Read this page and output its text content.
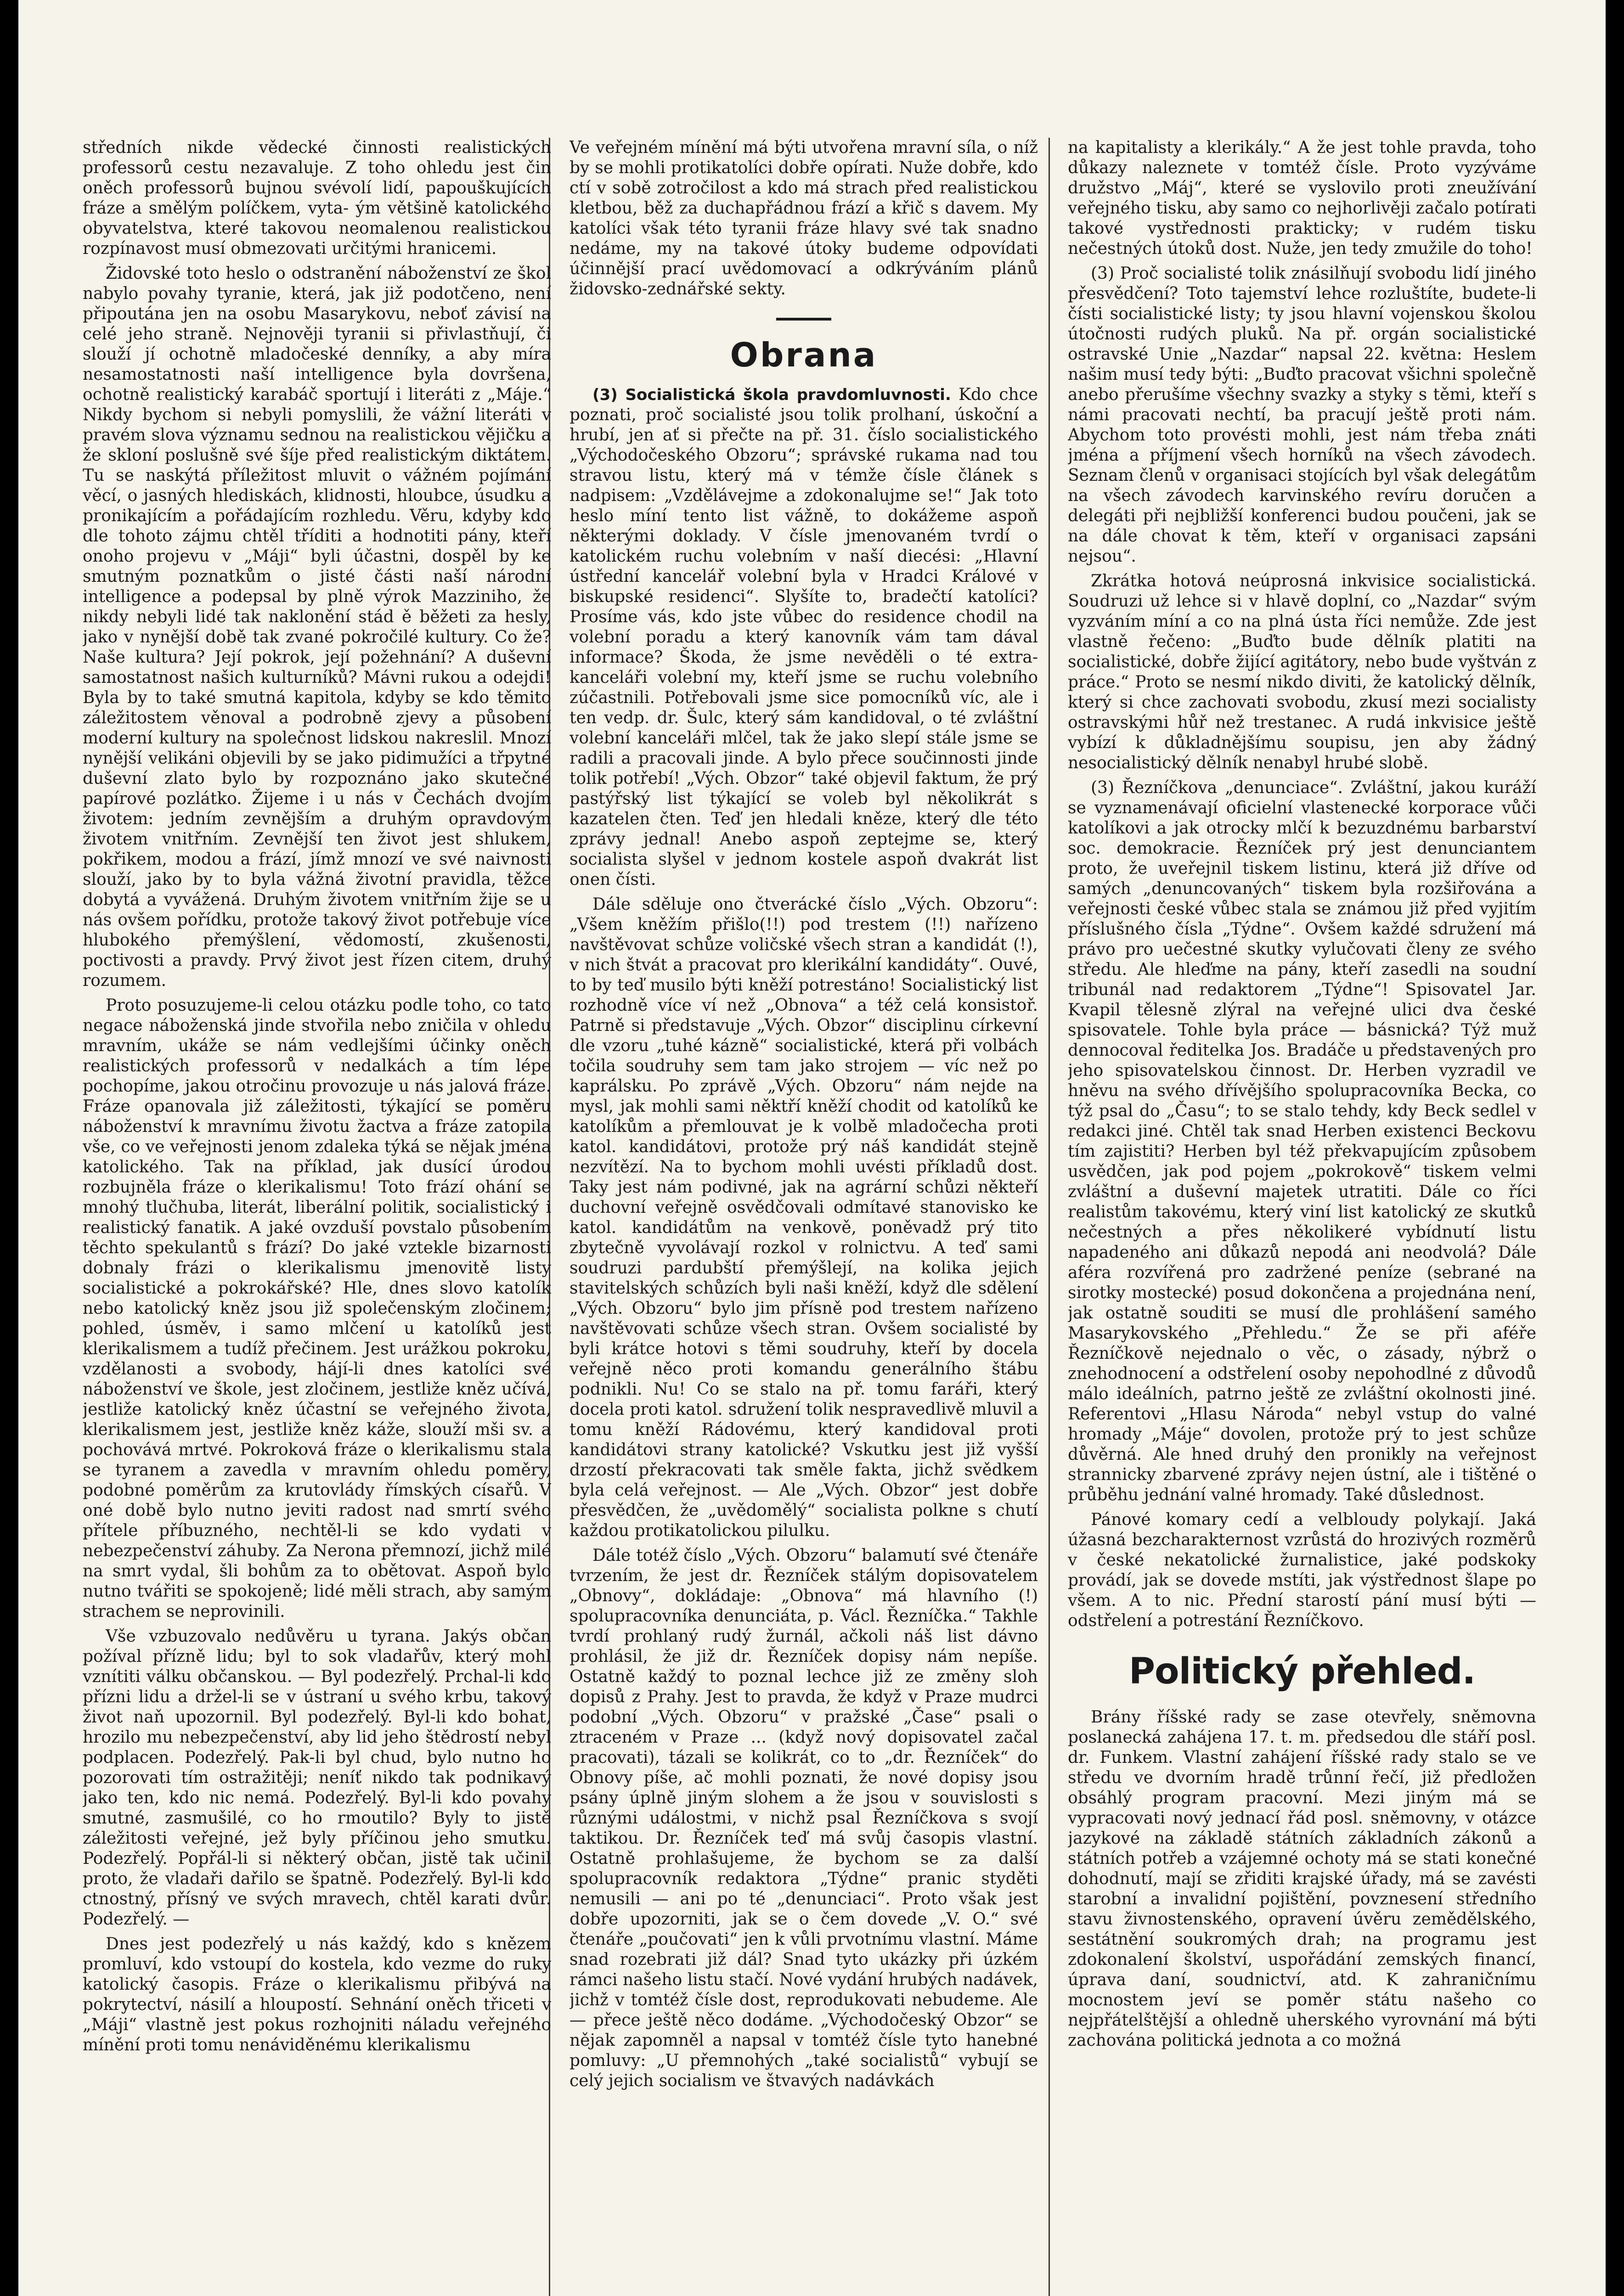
středních nikde vědecké činnosti realistických professorů cestu nezavaluje. Z toho ohledu jest čin oněch professorů bujnou svévolí lidí, papouškujících fráze a smělým políčkem, vyta- ým většině katolického obyvatelstva, které takovou neomalenou realistickou rozpínavost musí obmezovati určitými hranicemi.

Židovské toto heslo o odstranění náboženství ze škol nabylo povahy tyranie, která, jak již podotčeno, není připoutána jen na osobu Masarykovu, neboť závisí na celé jeho straně. Nejnověji tyranii si přivlastňují, či slouží jí ochotně mladočeské denníky, a aby míra nesamostatnosti naší intelligence byla dovršena, ochotně realistický karabáč sportují i literáti z „Máje.“ Nikdy bychom si nebyli pomyslili, že vážní literáti v pravém slova významu sednou na realistickou vějičku a že skloní poslušně své šíje před realistickým diktátem. Tu se naskýtá příležitost mluvit o vážném pojímání věcí, o jasných hlediskách, klidnosti, hloubce, úsudku a pronikajícím a pořádajícím rozhledu. Věru, kdyby kdo dle tohoto zájmu chtěl tříditi a hodnotiti pány, kteří onoho projevu v „Máji“ byli účastni, dospěl by ke smutným poznatkům o jisté části naší národní intelligence a podepsal by plně výrok Mazziniho, že nikdy nebyli lidé tak naklonění stád ě běžeti za hesly, jako v nynější době tak zvané pokročilé kultury. Co že? Naše kultura? Její pokrok, její požehnání? A duševní samostatnost našich kulturníků? Mávni rukou a odejdi! Byla by to také smutná kapitola, kdyby se kdo těmito záležitostem věnoval a podrobně zjevy a působení moderní kultury na společnost lidskou nakreslil. Mnozí nynější velikáni objevili by se jako pidimužíci a třpytné duševní zlato bylo by rozpoznáno jako skutečné papírové pozlátko. Žijeme i u nás v Čechách dvojím životem: jedním zevnějším a druhým opravdovým životem vnitřním. Zevnější ten život jest shlukem, pokřikem, modou a frází, jímž mnozí ve své naivnosti slouží, jako by to byla vážná životní pravidla, těžce dobytá a vyvážená. Druhým životem vnitřním žije se u nás ovšem pořídku, protože takový život potřebuje více hlubokého přemýšlení, vědomostí, zkušenosti, poctivosti a pravdy. Prvý život jest řízen citem, druhý rozumem.

Proto posuzujeme-li celou otázku podle toho, co tato negace náboženská jinde stvořila nebo zničila v ohledu mravním, ukáže se nám vedlejšími účinky oněch realistických professorů v nedalkách a tím lépe pochopíme, jakou otročinu provozuje u nás jalová fráze. Fráze opanovala již záležitosti, týkající se poměru náboženství k mravnímu životu žactva a fráze zatopila vše, co ve veřejnosti jenom zdaleka týká se nějak jména katolického. Tak na příklad, jak dusící úrodou rozbujněla fráze o klerikalismu! Toto frází ohání se mnohý tlučhuba, literát, liberální politik, socialistický i realistický fanatik. A jaké ovzduší povstalo působením těchto spekulantů s frází? Do jaké vztekle bizarnosti dobnaly frázi o klerikalismu jmenovitě listy socialistické a pokrokářské? Hle, dnes slovo katolík nebo katolický kněz jsou již společenským zločinem; pohled, úsměv, i samo mlčení u katolíků jest klerikalismem a tudíž přečinem. Jest urážkou pokroku, vzdělanosti a svobody, hájí-li dnes katolíci své náboženství ve škole, jest zločinem, jestliže kněz učívá, jestliže katolický kněz účastní se veřejného života, klerikalismem jest, jestliže kněz káže, slouží mši sv. a pochovává mrtvé. Pokroková fráze o klerikalismu stala se tyranem a zavedla v mravním ohledu poměry, podobné poměrům za krutovlády římských císařů. V oné době bylo nutno jeviti radost nad smrtí svého přítele příbuzného, nechtěl-li se kdo vydati v nebezpečenství záhuby. Za Nerona přemnozí, jichž milé na smrt vydal, šli bohům za to obětovat. Aspoň bylo nutno tvářiti se spokojeně; lidé měli strach, aby samým strachem se neprovinili.

Vše vzbuzovalo nedůvěru u tyrana. Jakýs občan požíval přízně lidu; byl to sok vladařův, který mohl vznítiti válku občanskou. — Byl podezřelý. Prchal-li kdo přízni lidu a držel-li se v ústraní u svého krbu, takový život naň upozornil. Byl podezřelý. Byl-li kdo bohat, hrozilo mu nebezpečenství, aby lid jeho štědrostí nebyl podplacen. Podezřelý. Pak-li byl chud, bylo nutno ho pozorovati tím ostražitěji; neníť nikdo tak podnikavý jako ten, kdo nic nemá. Podezřelý. Byl-li kdo povahy smutné, zasmušilé, co ho rmoutilo? Byly to jistě záležitosti veřejné, jež byly příčinou jeho smutku. Podezřelý. Popřál-li si některý občan, jistě tak učinil proto, že vladaři dařilo se špatně. Podezřelý. Byl-li kdo ctnostný, přísný ve svých mravech, chtěl karati dvůr. Podezřelý. —

Dnes jest podezřelý u nás každý, kdo s knězem promluví, kdo vstoupí do kostela, kdo vezme do ruky katolický časopis. Fráze o klerikalismu přibývá na pokrytectví, násilí a hloupostí. Sehnání oněch třiceti v „Máji“ vlastně jest pokus rozhojniti náladu veřejného mínění proti tomu nenáviděnému klerikalismu

Ve veřejném mínění má býti utvořena mravní síla, o níž by se mohli protikatolíci dobře opírati. Nuže dobře, kdo ctí v sobě zotročilost a kdo má strach před realistickou kletbou, běž za duchapřádnou frází a křič s davem. My katolíci však této tyranii fráze hlavy své tak snadno nedáme, my na takové útoky budeme odpovídati účinnější prací uvědomovací a odkrýváním plánů židovsko-zednářské sekty.

Obrana

(3) Socialistická škola pravdomluvnosti. Kdo chce poznati, proč socialisté jsou tolik prolhaní, úskoční a hrubí, jen ať si přečte na př. 31. číslo socialistického „Východočeského Obzoru“; správské rukama nad tou stravou listu, který má v témže čísle článek s nadpisem: „Vzdělávejme a zdokonalujme se!“ Jak toto heslo míní tento list vážně, to dokážeme aspoň některými doklady. V čísle jmenovaném tvrdí o katolickém ruchu volebním v naší diecési: „Hlavní ústřední kancelář volební byla v Hradci Králové v biskupské residenci“. Slyšíte to, bradečtí katolíci? Prosíme vás, kdo jste vůbec do residence chodil na volební poradu a který kanovník vám tam dával informace? Škoda, že jsme nevěděli o té extra-kanceláři volební my, kteří jsme se ruchu volebního zúčastnili. Potřebovali jsme sice pomocníků víc, ale i ten vedp. dr. Šulc, který sám kandidoval, o té zvláštní volební kanceláři mlčel, tak že jako slepí stále jsme se radili a pracovali jinde. A bylo přece součinnosti jinde tolik potřebí! „Vých. Obzor“ také objevil faktum, že prý pastýřský list týkající se voleb byl několikrát s kazatelen čten. Teď jen hledali kněze, který dle této zprávy jednal! Anebo aspoň zeptejme se, který socialista slyšel v jednom kostele aspoň dvakrát list onen čísti.

Dále sděluje ono čtverácké číslo „Vých. Obzoru“: „Všem kněžím přišlo(!!) pod trestem (!!) nařízeno navštěvovat schůze voličské všech stran a kandidát (!), v nich štvát a pracovat pro klerikální kandidáty“. Ouvé, to by teď musilo býti kněží potrestáno! Socialistický list rozhodně více ví než „Obnova“ a též celá konsistoř. Patrně si představuje „Vých. Obzor“ disciplinu církevní dle vzoru „tuhé kázně“ socialistické, která při volbách točila soudruhy sem tam jako strojem — víc než po kaprálsku. Po zprávě „Vých. Obzoru“ nám nejde na mysl, jak mohli sami něktří kněží chodit od katolíků ke katolíkům a přemlouvat je k volbě mladočecha proti katol. kandidátovi, protože prý náš kandidát stejně nezvítězí. Na to bychom mohli uvésti příkladů dost. Taky jest nám podivné, jak na agrární schůzi někteří duchovní veřejně osvědčovali odmítavé stanovisko ke katol. kandidátům na venkově, poněvadž prý tito zbytečně vyvolávají rozkol v rolnictvu. A teď sami soudruzi pardubští přemýšlejí, na kolika jejich stavitelských schůzích byli naši kněží, když dle sdělení „Vých. Obzoru“ bylo jim přísně pod trestem nařízeno navštěvovati schůze všech stran. Ovšem socialisté by byli krátce hotovi s těmi soudruhy, kteří by docela veřejně něco proti komandu generálního štábu podnikli. Nu! Co se stalo na př. tomu faráři, který docela proti katol. sdružení tolik nespravedlivě mluvil a tomu kněží Rádovému, který kandidoval proti kandidátovi strany katolické? Vskutku jest již vyšší drzostí překracovati tak směle fakta, jichž svědkem byla celá veřejnost. — Ale „Vých. Obzor“ jest dobře přesvědčen, že „uvědomělý“ socialista polkne s chutí každou protikatolickou pilulku.

Dále totéž číslo „Vých. Obzoru“ balamutí své čtenáře tvrzením, že jest dr. Řezníček stálým dopisovatelem „Obnovy“, dokládaje: „Obnova“ má hlavního (!) spolupracovníka denunciáta, p. Václ. Řezníčka.“ Takhle tvrdí prohlaný rudý žurnál, ačkoli náš list dávno prohlásil, že již dr. Řezníček dopisy nám nepíše. Ostatně každý to poznal lechce již ze změny sloh dopisů z Prahy. Jest to pravda, že když v Praze mudrci podobní „Vých. Obzoru“ v pražské „Čase“ psali o ztraceném v Praze ... (když nový dopisovatel začal pracovati), tázali se kolikrát, co to „dr. Řezníček“ do Obnovy píše, ač mohli poznati, že nové dopisy jsou psány úplně jiným slohem a že jsou v souvislosti s různými událostmi, v nichž psal Řezníčkova s svojí taktikou. Dr. Řezníček teď má svůj časopis vlastní. Ostatně prohlašujeme, že bychom se za další spolupracovník redaktora „Týdne“ pranic styděti nemusili — ani po té „denunciaci“. Proto však jest dobře upozorniti, jak se o čem dovede „V. O.“ své čtenáře „poučovati“ jen k vůli prvotnímu vlastní. Máme snad rozebrati již dál? Snad tyto ukázky při úzkém rámci našeho listu stačí. Nové vydání hrubých nadávek, jichž v tomtéž čísle dost, reprodukovati nebudeme. Ale — přece ještě něco dodáme. „Východočeský Obzor“ se nějak zapomněl a napsal v tomtéž čísle tyto hanebné pomluvy: „U přemnohých „také socialistů“ vybují se celý jejich socialism ve štvavých nadávkách

na kapitalisty a klerikály.“ A že jest tohle pravda, toho důkazy naleznete v tomtéž čísle. Proto vyzýváme družstvo „Máj“, které se vyslovilo proti zneužívání veřejného tisku, aby samo co nejhorlivěji začalo potírati takové vystřednosti prakticky; v rudém tisku nečestných útoků dost. Nuže, jen tedy zmužile do toho!

(3) Proč socialisté tolik znásilňují svobodu lidí jiného přesvědčení? Toto tajemství lehce rozluštíte, budete-li čísti socialistické listy; ty jsou hlavní vojenskou školou útočnosti rudých pluků. Na př. orgán socialistické ostravské Unie „Nazdar“ napsal 22. května: Heslem našim musí tedy býti: „Buďto pracovat všichni společně anebo přerušíme všechny svazky a styky s těmi, kteří s námi pracovati nechtí, ba pracují ještě proti nám. Abychom toto provésti mohli, jest nám třeba znáti jména a příjmení všech horníků na všech závodech. Seznam členů v organisaci stojících byl však delegátům na všech závodech karvinského revíru doručen a delegáti při nejbližší konferenci budou poučeni, jak se na dále chovat k těm, kteří v organisaci zapsáni nejsou“.

Zkrátka hotová neúprosná inkvisice socialistická. Soudruzi už lehce si v hlavě doplní, co „Nazdar“ svým vyzváním míní a co na plná ústa říci nemůže. Zde jest vlastně řečeno: „Buďto bude dělník platiti na socialistické, dobře žijící agitátory, nebo bude vyštván z práce.“ Proto se nesmí nikdo diviti, že katolický dělník, který si chce zachovati svobodu, zkusí mezi socialisty ostravskými hůř než trestanec. A rudá inkvisice ještě vybízí k důkladnějšímu soupisu, jen aby žádný nesocialistický dělník nenabyl hrubé slobě.

(3) Řezníčkova „denunciace“. Zvláštní, jakou kuráží se vyznamenávají oficielní vlastenecké korporace vůči katolíkovi a jak otrocky mlčí k bezuzdnému barbarství soc. demokracie. Řezníček prý jest denunciantem proto, že uveřejnil tiskem listinu, která již dříve od samých „denuncovaných“ tiskem byla rozšiřována a veřejnosti české vůbec stala se známou již před vyjitím příslušného čísla „Týdne“. Ovšem každé sdružení má právo pro uečestné skutky vylučovati členy ze svého středu. Ale hleďme na pány, kteří zasedli na soudní tribunál nad redaktorem „Týdne“! Spisovatel Jar. Kvapil tělesně zlýral na veřejné ulici dva české spisovatele. Tohle byla práce — básnická? Týž muž dennocoval ředitelka Jos. Bradáče u představených pro jeho spisovatelskou činnost. Dr. Herben vyzradil ve hněvu na svého dřívějšího spolupracovníka Becka, co týž psal do „Času“; to se stalo tehdy, kdy Beck sedlel v redakci jiné. Chtěl tak snad Herben existenci Beckovu tím zajistiti? Herben byl též překvapujícím způsobem usvědčen, jak pod pojem „pokrokově“ tiskem velmi zvláštní a duševní majetek utratiti. Dále co říci realistům takovému, který viní list katolický ze skutků nečestných a přes několikeré vybídnutí listu napadeného ani důkazů nepodá ani neodvolá? Dále aféra rozvířená pro zadržené peníze (sebrané na sirotky mostecké) posud dokončena a projednána není, jak ostatně souditi se musí dle prohlášení samého Masarykovského „Přehledu.“ Že se při aféře Řezníčkově nejednalo o věc, o zásady, nýbrž o znehodnocení a odstřelení osoby nepohodlné z důvodů málo ideálních, patrno ještě ze zvláštní okolnosti jiné. Referentovi „Hlasu Národa“ nebyl vstup do valné hromady „Máje“ dovolen, protože prý to jest schůze důvěrná. Ale hned druhý den pronikly na veřejnost strannicky zbarvené zprávy nejen ústní, ale i tištěné o průběhu jednání valné hromady. Také důslednost.

Pánové komary cedí a velbloudy polykají. Jaká úžasná bezcharakternost vzrůstá do hrozivých rozměrů v české nekatolické žurnalistice, jaké podskoky provádí, jak se dovede mstíti, jak výstřednost šlape po všem. A to nic. Přední starostí pání musí býti — odstřelení a potrestání Řezníčkovo.

Politický přehled.

Brány říšské rady se zase otevřely, sněmovna poslanecká zahájena 17. t. m. předsedou dle stáří posl. dr. Funkem. Vlastní zahájení říšské rady stalo se ve středu ve dvorním hradě trůnní řečí, již předložen obsáhlý program pracovní. Mezi jiným má se vypracovati nový jednací řád posl. sněmovny, v otázce jazykové na základě státních základních zákonů a státních potřeb a vzájemné ochoty má se stati konečné dohodnutí, mají se zřiditi krajské úřady, má se zavésti starobní a invalidní pojištění, povznesení středního stavu živnostenského, opravení úvěru zemědělského, sestátnění soukromých drah; na programu jest zdokonalení školství, uspořádání zemských financí, úprava daní, soudnictví, atd. K zahraničnímu mocnostem jeví se poměr státu našeho co nejpřátelštější a ohledně uherského vyrovnání má býti zachována politická jednota a co možná
